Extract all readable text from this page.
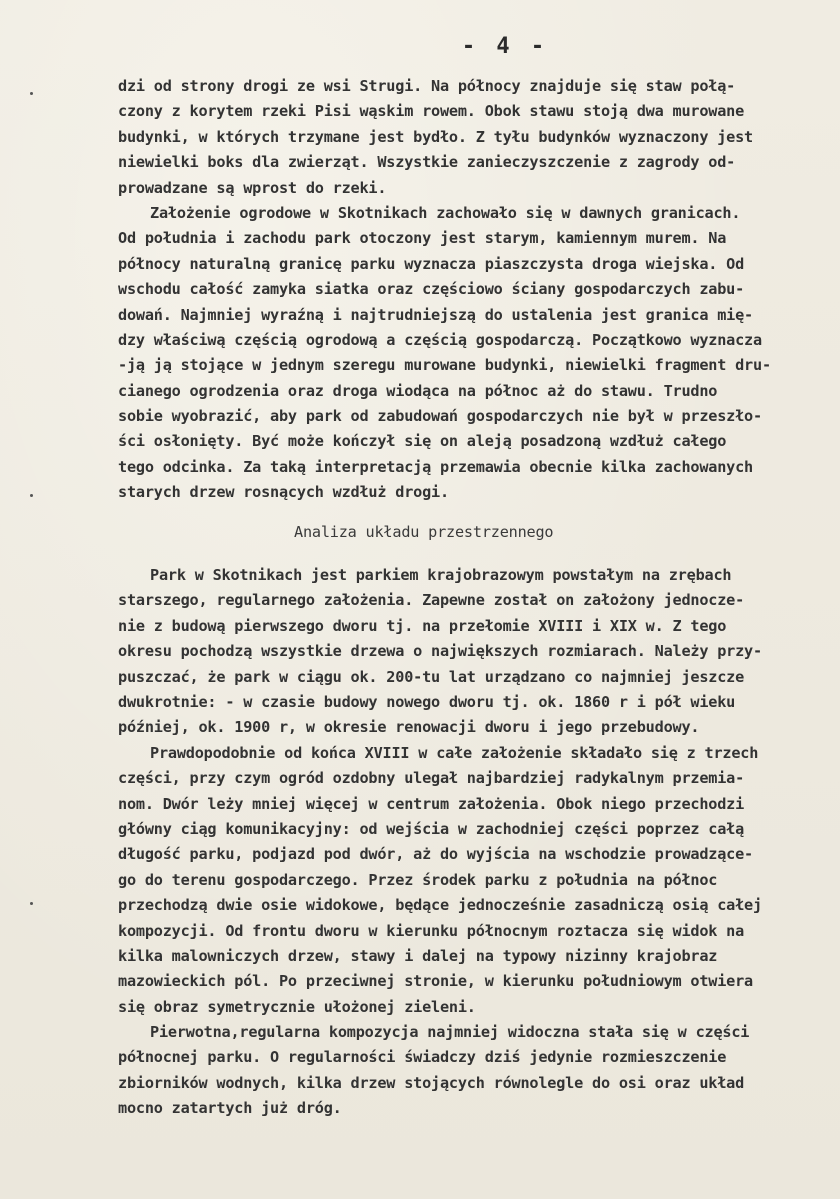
- 4 -
dzi od strony drogi ze wsi Strugi. Na północy znajduje się staw połą-
czony z korytem rzeki Pisi wąskim rowem. Obok stawu stoją dwa murowane
budynki, w których trzymane jest bydło. Z tyłu budynków wyznaczony jest
niewielki boks dla zwierząt. Wszystkie zanieczyszczenie z zagrody od-
prowadzane są wprost do rzeki.
Założenie ogrodowe w Skotnikach zachowało się w dawnych granicach.
Od południa i zachodu park otoczony jest starym, kamiennym murem. Na
północy naturalną granicę parku wyznacza piaszczysta droga wiejska. Od
wschodu całość zamyka siatka oraz częściowo ściany gospodarczych zabu-
dowań. Najmniej wyraźną i najtrudniejszą do ustalenia jest granica mię-
dzy właściwą częścią ogrodową a częścią gospodarczą. Początkowo wyznacza
-ją ją stojące w jednym szeregu murowane budynki, niewielki fragment dru-
cianego ogrodzenia oraz droga wiodąca na północ aż do stawu. Trudno
sobie wyobrazić, aby park od zabudowań gospodarczych nie był w przeszło-
ści osłonięty. Być może kończył się on aleją posadzoną wzdłuż całego
tego odcinka. Za taką interpretacją przemawia obecnie kilka zachowanych
starych drzew rosnących wzdłuż drogi.
Analiza układu przestrzennego
Park w Skotnikach jest parkiem krajobrazowym powstałym na zrębach
starszego, regularnego założenia. Zapewne został on założony jednocze-
nie z budową pierwszego dworu tj. na przełomie XVIII i XIX w. Z tego
okresu pochodzą wszystkie drzewa o największych rozmiarach. Należy przy-
puszczać, że park w ciągu ok. 200-tu lat urządzano co najmniej jeszcze
dwukrotnie: - w czasie budowy nowego dworu tj. ok. 1860 r i pół wieku
później, ok. 1900 r, w okresie renowacji dworu i jego przebudowy.
Prawdopodobnie od końca XVIII w całe założenie składało się z trzech
części, przy czym ogród ozdobny ulegał najbardziej radykalnym przemia-
nom. Dwór leży mniej więcej w centrum założenia. Obok niego przechodzi
główny ciąg komunikacyjny: od wejścia w zachodniej części poprzez całą
długość parku, podjazd pod dwór, aż do wyjścia na wschodzie prowadzące-
go do terenu gospodarczego. Przez środek parku z południa na północ
przechodzą dwie osie widokowe, będące jednocześnie zasadniczą osią całej
kompozycji. Od frontu dworu w kierunku północnym roztacza się widok na
kilka malowniczych drzew, stawy i dalej na typowy nizinny krajobraz
mazowieckich pól. Po przeciwnej stronie, w kierunku południowym otwiera
się obraz symetrycznie ułożonej zieleni.
Pierwotna,regularna kompozycja najmniej widoczna stała się w części
północnej parku. O regularności świadczy dziś jedynie rozmieszczenie
zbiorników wodnych, kilka drzew stojących równolegle do osi oraz układ
mocno zatartych już dróg.
